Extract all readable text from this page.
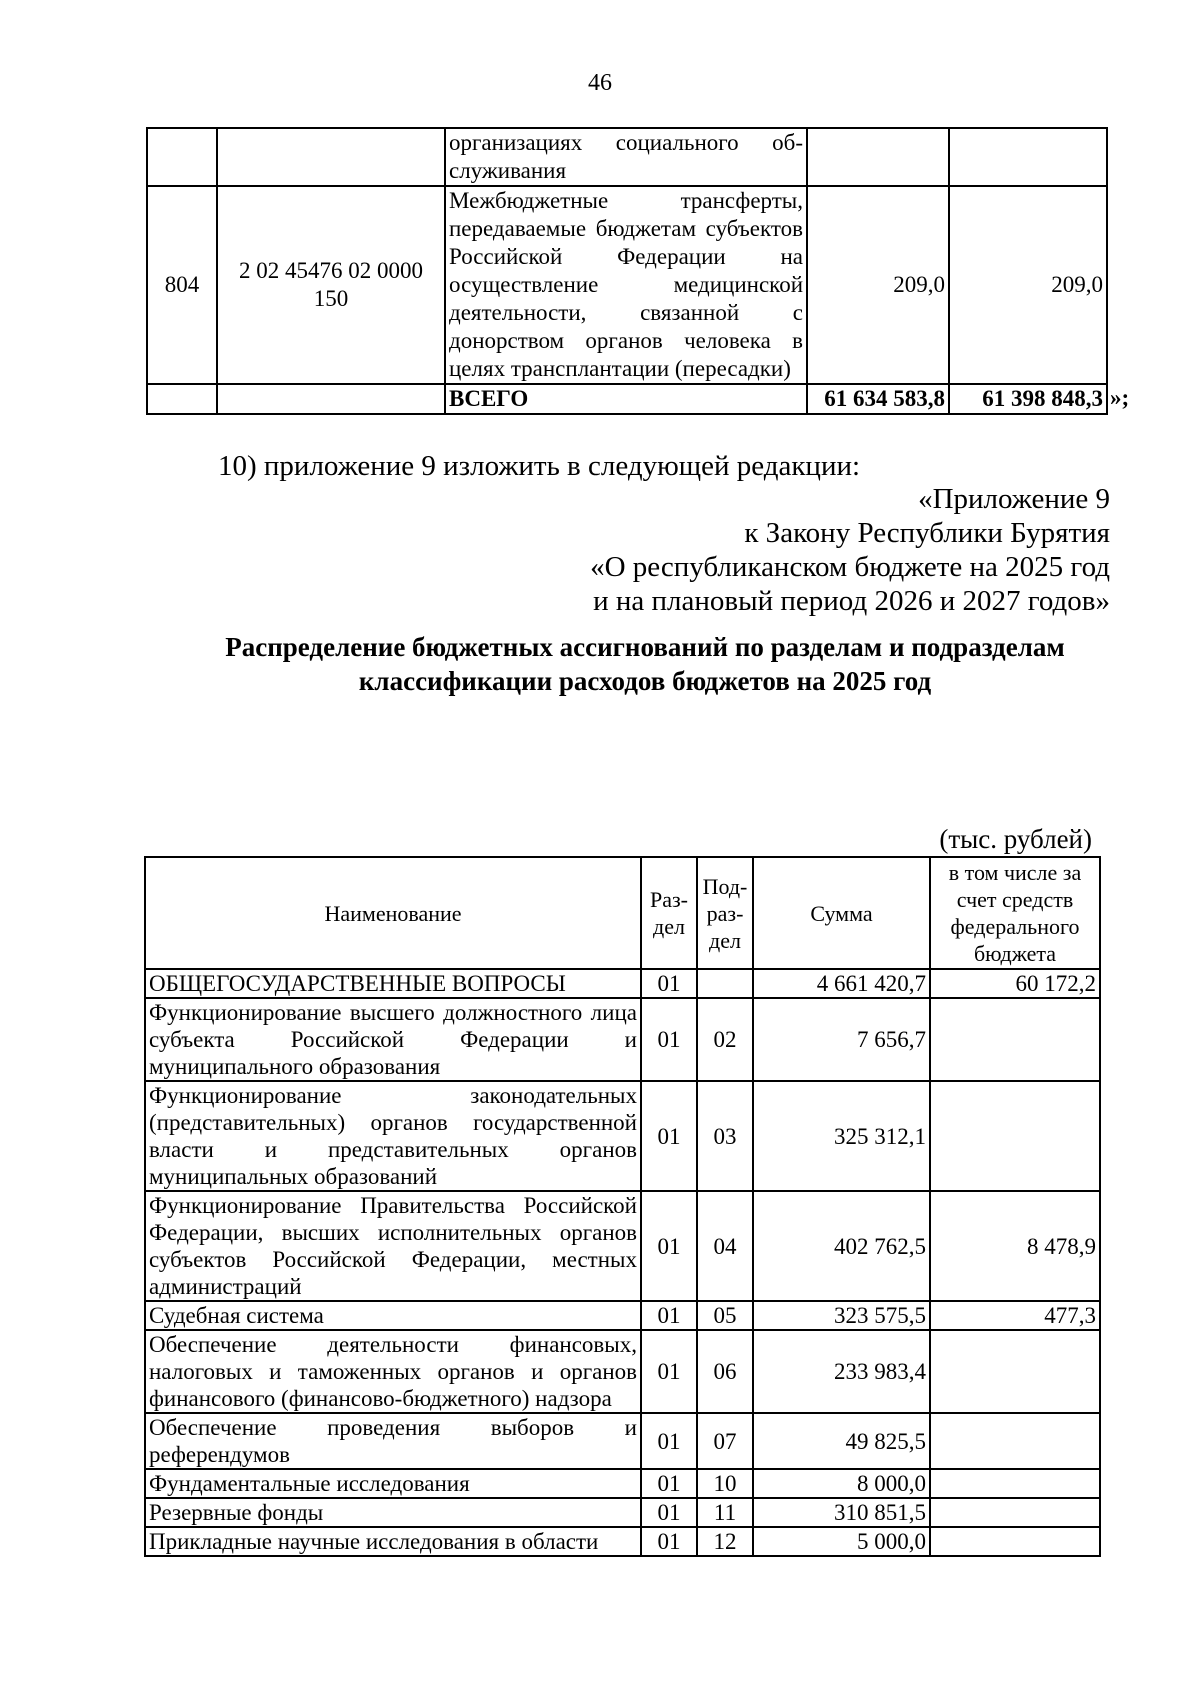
46
		организациях социального об-служивания		
804	2 02 45476 02 0000 150	Межбюджетные трансферты, передаваемые бюджетам субъектов Российской Федерации на осуществление медицинской деятельности, связанной с донорством органов человека в целях трансплантации (пересадки)	209,0	209,0
		ВСЕГО	61 634 583,8	61 398 848,3 »;
10) приложение 9 изложить в следующей редакции:
«Приложение 9
к Закону Республики Бурятия
«О республиканском бюджете на 2025 год
и на плановый период 2026 и 2027 годов»
Распределение бюджетных ассигнований по разделам и подразделам
классификации расходов бюджетов на 2025 год
(тыс. рублей)
Наименование	Раз-дел	Под-раз-дел	Сумма	в том числе за счет средств федерального бюджета
ОБЩЕГОСУДАРСТВЕННЫЕ ВОПРОСЫ	01		4 661 420,7	60 172,2
Функционирование высшего должностного лица субъекта Российской Федерации и муниципального образования	01	02	7 656,7	
Функционирование законодательных (представительных) органов государственной власти и представительных органов муниципальных образований	01	03	325 312,1	
Функционирование Правительства Российской Федерации, высших исполнительных органов субъектов Российской Федерации, местных администраций	01	04	402 762,5	8 478,9
Судебная система	01	05	323 575,5	477,3
Обеспечение деятельности финансовых, налоговых и таможенных органов и органов финансового (финансово-бюджетного) надзора	01	06	233 983,4	
Обеспечение проведения выборов и референдумов	01	07	49 825,5	
Фундаментальные исследования	01	10	8 000,0	
Резервные фонды	01	11	310 851,5	
Прикладные научные исследования в области	01	12	5 000,0	
